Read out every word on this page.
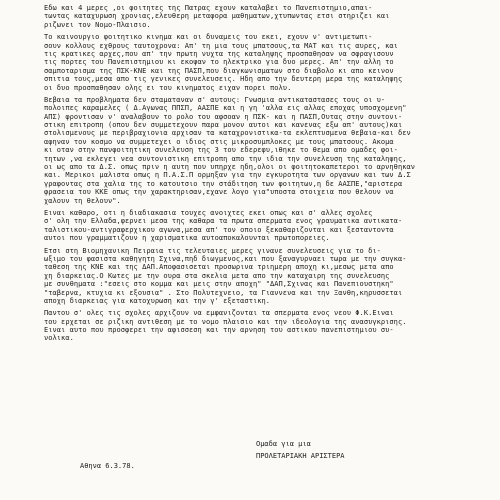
Εδω και 4 μερες ,οι φοιτητες της Πατρας εχουν καταλαβει το Πανεπιστημιο,απαι-
τωντας καταχυρωση χρονιας,ελευθερη μεταφορα μαθηματων,χτυπωντας ετσι στηριζει και
ριζωνει τον Νομο-Πλαισιο.
Το καινουργιο φοιτητικο κινημα και οι δυναμεις του εκει, εχουν ν' αντιμετωπι-
σουν κολλους εχθρους ταυτοχρονα: Απ' τη μια τους μπατσους,τα ΜΑΤ και τις αυρες, και
τις κρατικες αρχες,που απ' την πρωτη νυχτα της καταληψης προσπαθησαν να σφραγισουν
τις πορτες του Πανεπιστημιου κι εκοψαν το ηλεκτρικο για δυο μερες. Απ' την αλλη το
σαμποταρισμα της ΠΣΚ-ΚΝΕ και της ΠΑΣΠ,που διαγκωνισματων στο διαβολο κι απο κεινον
σπιτια τους,μεσα απο τις γενικες συνελευσεις. Ηδη απο την δευτερη μερα της καταληψης
οι δυο προσπαθησαν ολης ει του κινηματος ειχαν πορει πολυ.
Βεβαια τα προβληματα δεν σταματαναν σ' αυτους: Γνωσμια αντικαταστασες τους οι υ-
πολοιπες καραμελες ( Δ.Αγωνας ΠΠΣΠ, ΑΑΣΠΕ και η γη 'αλλα εις αλλας εποχας υποσχομενη"
ΑΠΣ) φροντισαν ν' αναλαβουν το ρολο του αφσοαν η ΠΣΚ- και η ΠΑΣΠ,Ουτας στην συντονι-
στικη επιτροπη (οπου δεν συμμετεχουν παρα μονον αυτοι και κανενας εξω απ' αυτους)και
στολισμενους με περιβραχιονια αρχισαν τα καταχρονιστικα-τα εκλεπτυσμενα θεβαια-και δεν
αφηναν τον κοσμο να συμμετεχει ο ιδιος στις μικροσυμπλοκες με τους μπατσους. Ακομα
κι οταν στην πανφοιτητικη συνελευση της 3 του εδερεφυ,ιθηκε το θεμα απο ομαδες φοι-
τητων ,να εκλεγει νεα συντονιστικη επιτροπη απο την ιδια την συνελευση της καταληψης,
οι ως απο τα Δ.Σ. οπως πριν η αυτη που υπηρχε ηδη,ολοι οι φοιτητοκαπετεροι το αρνηθηκαν
και. Μερικοι μαλιστα οπως η Π.Α.Σ.Π ορμηξαν για την εγκυροτητα των οργανων και των Δ.Σ
γραφοντας στα χαλια της το κατουτσιο την στάδιτηση των φοιτητων,η δε ΑΑΣΠΕ,"αριστερα
φρασεια του ΚΚΕ οπως την χαρακτηρισαν,εχανε λογο για"υποστα στοιχεια που θελουν να
χαλουν τη θελουν".
Ειναι καθαρο, οτι η διαδιακασια τουχες ανοιχτες εκει οπως και σ' αλλες σχολες
σ' ολη την Ελλαδα,φερνει μεσα της καθαρα τα πρωτα σπερματα ενος γραυματικα αντικατα-
ταλιστικου-αντιγραφερχικου αγωνα,μεσα απ' τον οποιο ξεκαθαριζονται και ξεσταντοντα
αυτοι που γραμματιζουν η χαρισματικα αυτοαποκαλουνται πρωτοπορειες.
Ετσι στη Βιομηχανικη Πειραια τις τελευταιες μερες γινανε συνελευσεις για το δι-
ωξιμο του φασιστα καθηγητη Σχινα,πηδ διωγμενος,και που ξαναγυρναει τωρα με την συγκα-
ταθεση της ΚΝΕ και της ΔΑΠ.Αποφασισεται προσωρινα τριημερη αποχη κι,μεσως μετα απο
χη διαρκειας.Ο Κωτες με την ουρα στα σκελια μετα απο την καταχαιρη της συνελευσης
με συνθηματα :"εσεις στο κομμα και μεις στην αποχη" "ΔΑΠ,Σχινας και Πανεπιουστηκη"
"ταβερνα, κτυχια κι εξουσια" . Στο Πολυτεχνειο, τα Γιαννενα και την Ξανθη,κηρυσσεται
αποχη διαρκειας για κατοχυρωση και την γ' εξεταστικη.
Παντου σ' ολες τις σχολες αρχιζουν να εμφανιζονται τα σπερματα ενος νεου Φ.Κ.Ειναι
του ερχεται σε ριζικη αντιθεση με το νομο πλαισιο και την ιδεολογια της ανασυγκρισης.
Ειναι αυτο που προσφερει την αφισσεση και την αρνηση του αστικου πανεπιστημιου συ-
νολικα.
Ομαδα για μια
ΠΡΟΛΕΤΑΡΙΑΚΗ ΑΡΙΣΤΕΡΑ
Αθηνα 6.3.78.
